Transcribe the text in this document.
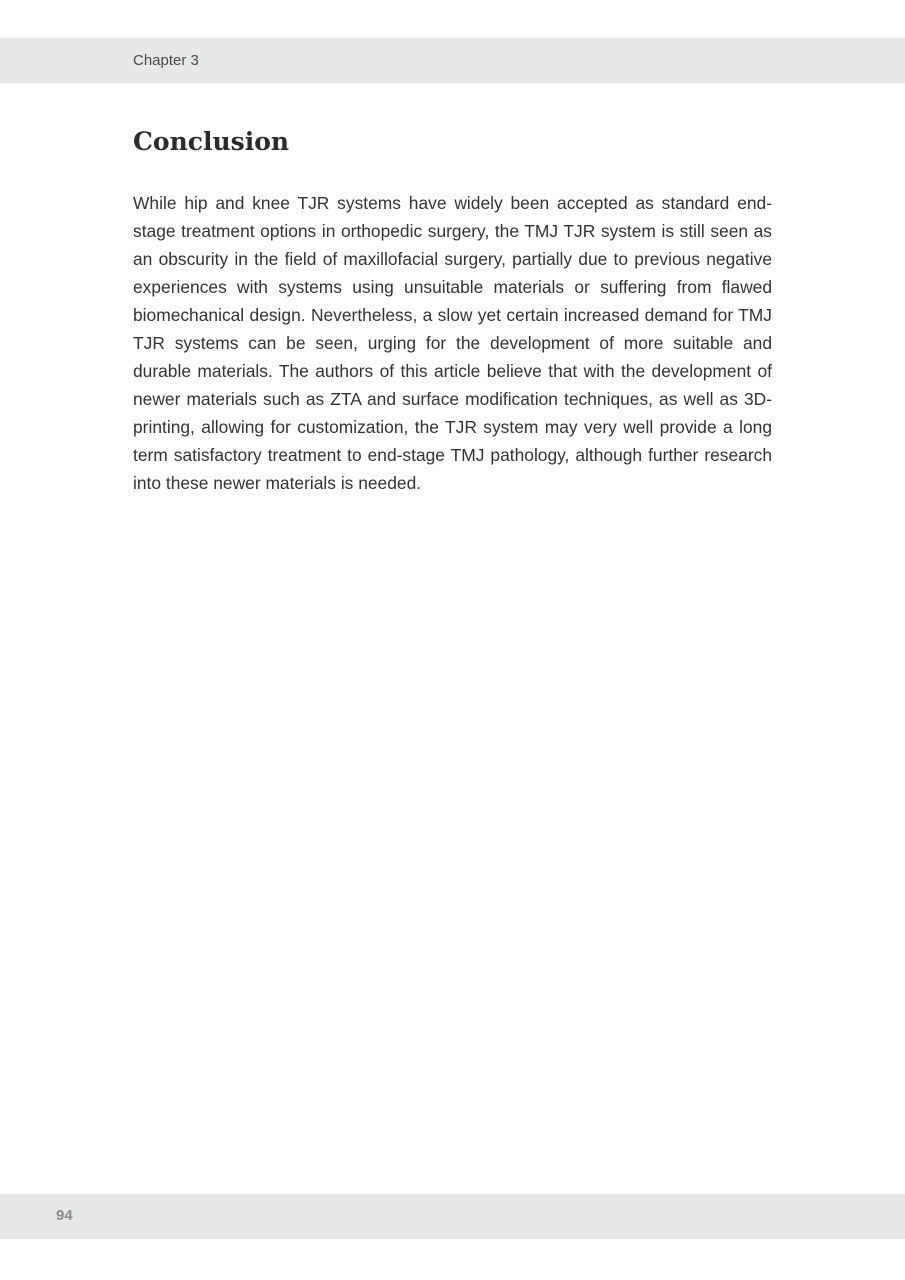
Chapter 3
Conclusion

While hip and knee TJR systems have widely been accepted as standard end-stage treatment options in orthopedic surgery, the TMJ TJR system is still seen as an obscurity in the field of maxillofacial surgery, partially due to previous negative experiences with systems using unsuitable materials or suffering from flawed biomechanical design. Nevertheless, a slow yet certain increased demand for TMJ TJR systems can be seen, urging for the development of more suitable and durable materials. The authors of this article believe that with the development of newer materials such as ZTA and surface modification techniques, as well as 3D-printing, allowing for customization, the TJR system may very well provide a long term satisfactory treatment to end-stage TMJ pathology, although further research into these newer materials is needed.

94
